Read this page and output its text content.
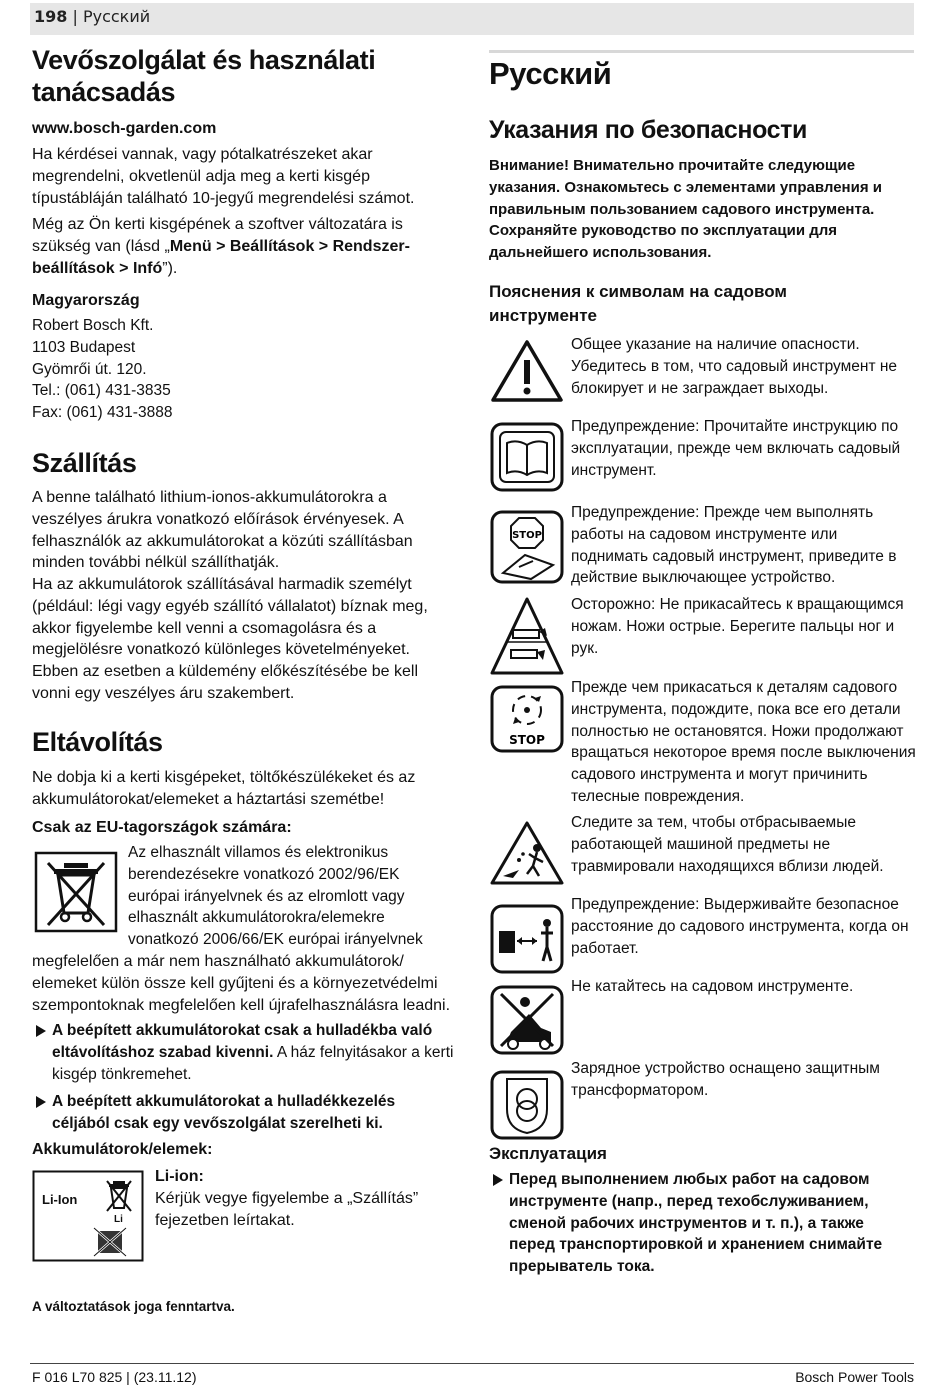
198 | Русский
Vevőszolgálat és használati tanácsadás

www.bosch-garden.com

Ha kérdései vannak, vagy pótalkatrészeket akar megrendelni, okvetlenül adja meg a kerti kisgép típustábláján található 10-jegyű megrendelési számot.

Még az Ön kerti kisgépének a szoftver változatára is szükség van (lásd „Menü > Beállítások > Rendszer-beállítások > Infó”).

Magyarország

Robert Bosch Kft.
1103 Budapest
Gyömrői út. 120.
Tel.: (061) 431-3835
Fax: (061) 431-3888
Szállítás

A benne található lithium-ionos-akkumulátorokra a veszélyes árukra vonatkozó előírások érvényesek. A felhasználók az akkumulátorokat a közúti szállításban minden további nélkül szállíthatják.

Ha az akkumulátorok szállításával harmadik személyt (például: légi vagy egyéb szállító vállalatot) bíznak meg, akkor figyelembe kell venni a csomagolásra és a megjelölésre vonatkozó különleges követelményeket. Ebben az esetben a küldemény előkészítésébe be kell vonni egy veszélyes áru szakembert.

Eltávolítás

Ne dobja ki a kerti kisgépeket, töltőkészülékeket és az akkumulátorokat/elemeket a háztartási szemétbe!

Csak az EU-tagországok számára:

Az elhasznált villamos és elektronikus
berendezésekre vonatkozó 2002/96/EK
európai irányelvnek és az elromlott vagy
elhasznált akkumulátorokra/elemekre
vonatkozó 2006/66/EK európai irányelvnek

megfelelően a már nem használható akkumulátorok/ elemeket külön össze kell gyűjteni és a környezetvédelmi szempontoknak megfelelően kell újrafelhasználásra leadni.

A beépített akkumulátorokat csak a hulladékba való eltávolításhoz szabad kivenni. A ház felnyitásakor a kerti kisgép tönkremehet.
A beépített akkumulátorokat a hulladékkezelés céljából csak egy vevőszolgálat szerelheti ki.

Akkumulátorok/elemek:

Li-Ion
Li

Li-ion:

Kérjük vegye figyelembe a „Szállítás” fejezetben leírtakat.

A változtatások joga fenntartva.

Русский
Указания по безопасности

Внимание! Внимательно прочитайте следующие указания. Ознакомьтесь с элементами управления и правильным пользованием садового инструмента. Сохраняйте руководство по эксплуатации для дальнейшего использования.

Пояснения к символам на садовом инструменте
Общее указание на наличие опасности. Убедитесь в том, что садовый инструмент не блокирует и не заграждает выходы.
Предупреждение: Прочитайте инструкцию по эксплуатации, прежде чем включать садовый инструмент.
STOP
Предупреждение: Прежде чем выполнять работы на садовом инструменте или поднимать садовый инструмент, приведите в действие выключающее устройство.
Осторожно: Не прикасайтесь к вращающимся ножам. Ножи острые. Берегите пальцы ног и рук.
STOP
Прежде чем прикасаться к деталям садового инструмента, подождите, пока все его детали полностью не остановятся. Ножи продолжают вращаться некоторое время после выключения садового инструмента и могут причинить телесные повреждения.
Следите за тем, чтобы отбрасываемые работающей машиной предметы не травмировали находящихся вблизи людей.
Предупреждение: Выдерживайте безопасное расстояние до садового инструмента, когда он работает.
Не катайтесь на садовом инструменте.
Зарядное устройство оснащено защитным трансформатором.
Эксплуатация
Перед выполнением любых работ на садовом инструменте (напр., перед техобслуживанием, сменой рабочих инструментов и т. п.), а также перед транспортировкой и хранением снимайте прерыватель тока.
F 016 L70 825 | (23.11.12)	Bosch Power Tools
